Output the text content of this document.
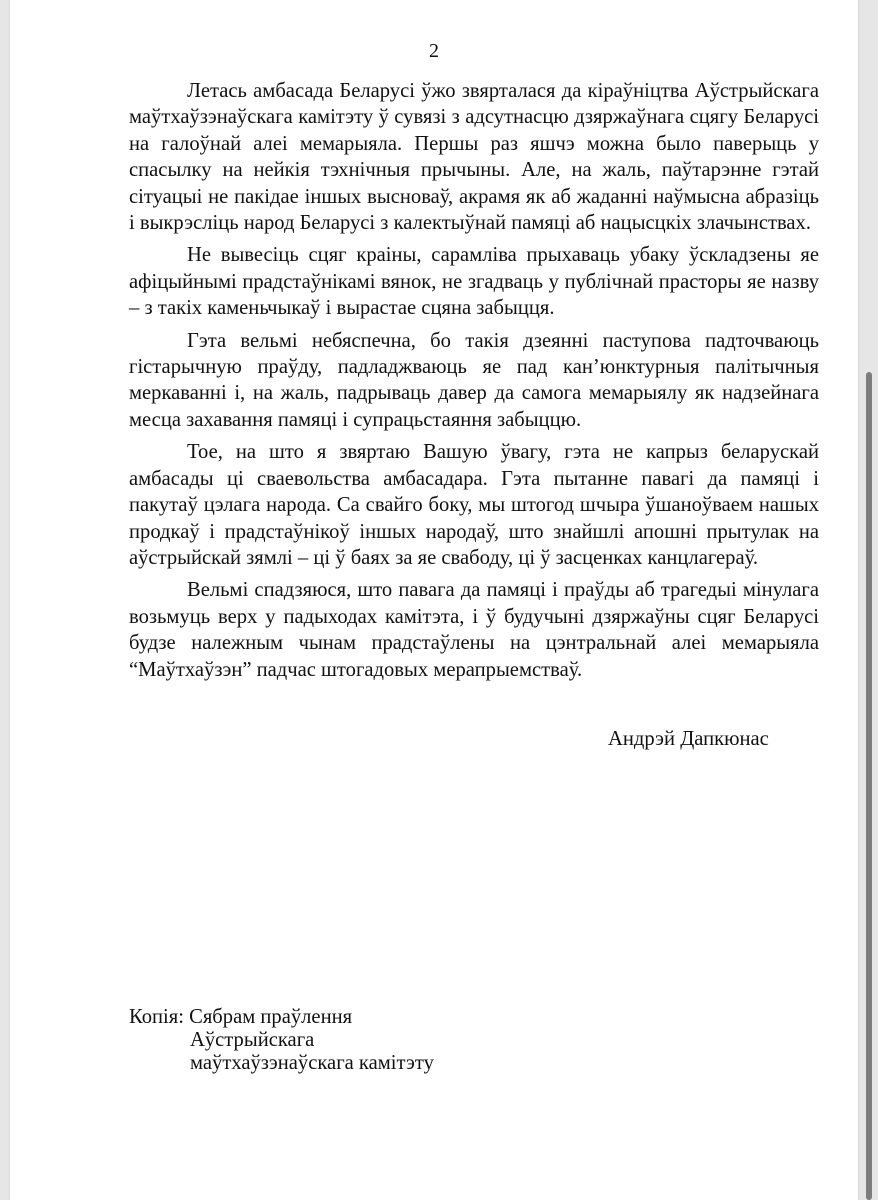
2

Летась амбасада Беларусі ўжо звярталася да кіраўніцтва Аўстрыйскага маўтхаўзэнаўскага камітэту ў сувязі з адсутнасцю дзяржаўнага сцягу Беларусі на галоўнай алеі мемарыяла. Першы раз яшчэ можна было паверыць у спасылку на нейкія тэхнічныя прычыны. Але, на жаль, паўтарэнне гэтай сітуацыі не пакідае іншых высноваў, акрамя як аб жаданні наўмысна абразіць і выкрэсліць народ Беларусі з калектыўнай памяці аб нацысцкіх злачынствах.

Не вывесіць сцяг краіны, сарамліва прыхаваць убаку ўскладзены яе афіцыйнымі прадстаўнікамі вянок, не згадваць у публічнай прасторы яе назву – з такіх каменьчыкаў і вырастае сцяна забыцця.

Гэта вельмі небяспечна, бо такія дзеянні паступова падточваюць гістарычную праўду, падладжваюць яе пад кан’юнктурныя палітычныя меркаванні і, на жаль, падрываць давер да самога мемарыялу як надзейнага месца захавання памяці і супрацьстаяння забыццю.

Тое, на што я звяртаю Вашую ўвагу, гэта не капрыз беларускай амбасады ці сваевольства амбасадара. Гэта пытанне павагі да памяці і пакутаў цэлага народа. Са свайго боку, мы штогод шчыра ўшаноўваем нашых продкаў і прадстаўнікоў іншых народаў, што знайшлі апошні прытулак на аўстрыйскай зямлі – ці ў баях за яе свабоду, ці ў засценках канцлагераў.

Вельмі спадзяюся, што павага да памяці і праўды аб трагедыі мінулага возьмуць верх у падыходах камітэта, і ў будучыні дзяржаўны сцяг Беларусі будзе належным чынам прадстаўлены на цэнтральнай алеі мемарыяла “Маўтхаўзэн” падчас штогадовых мерапрыемстваў.

Андрэй Дапкюнас
Копія: Сябрам праўлення
Аўстрыйскага
маўтхаўзэнаўскага камітэту
